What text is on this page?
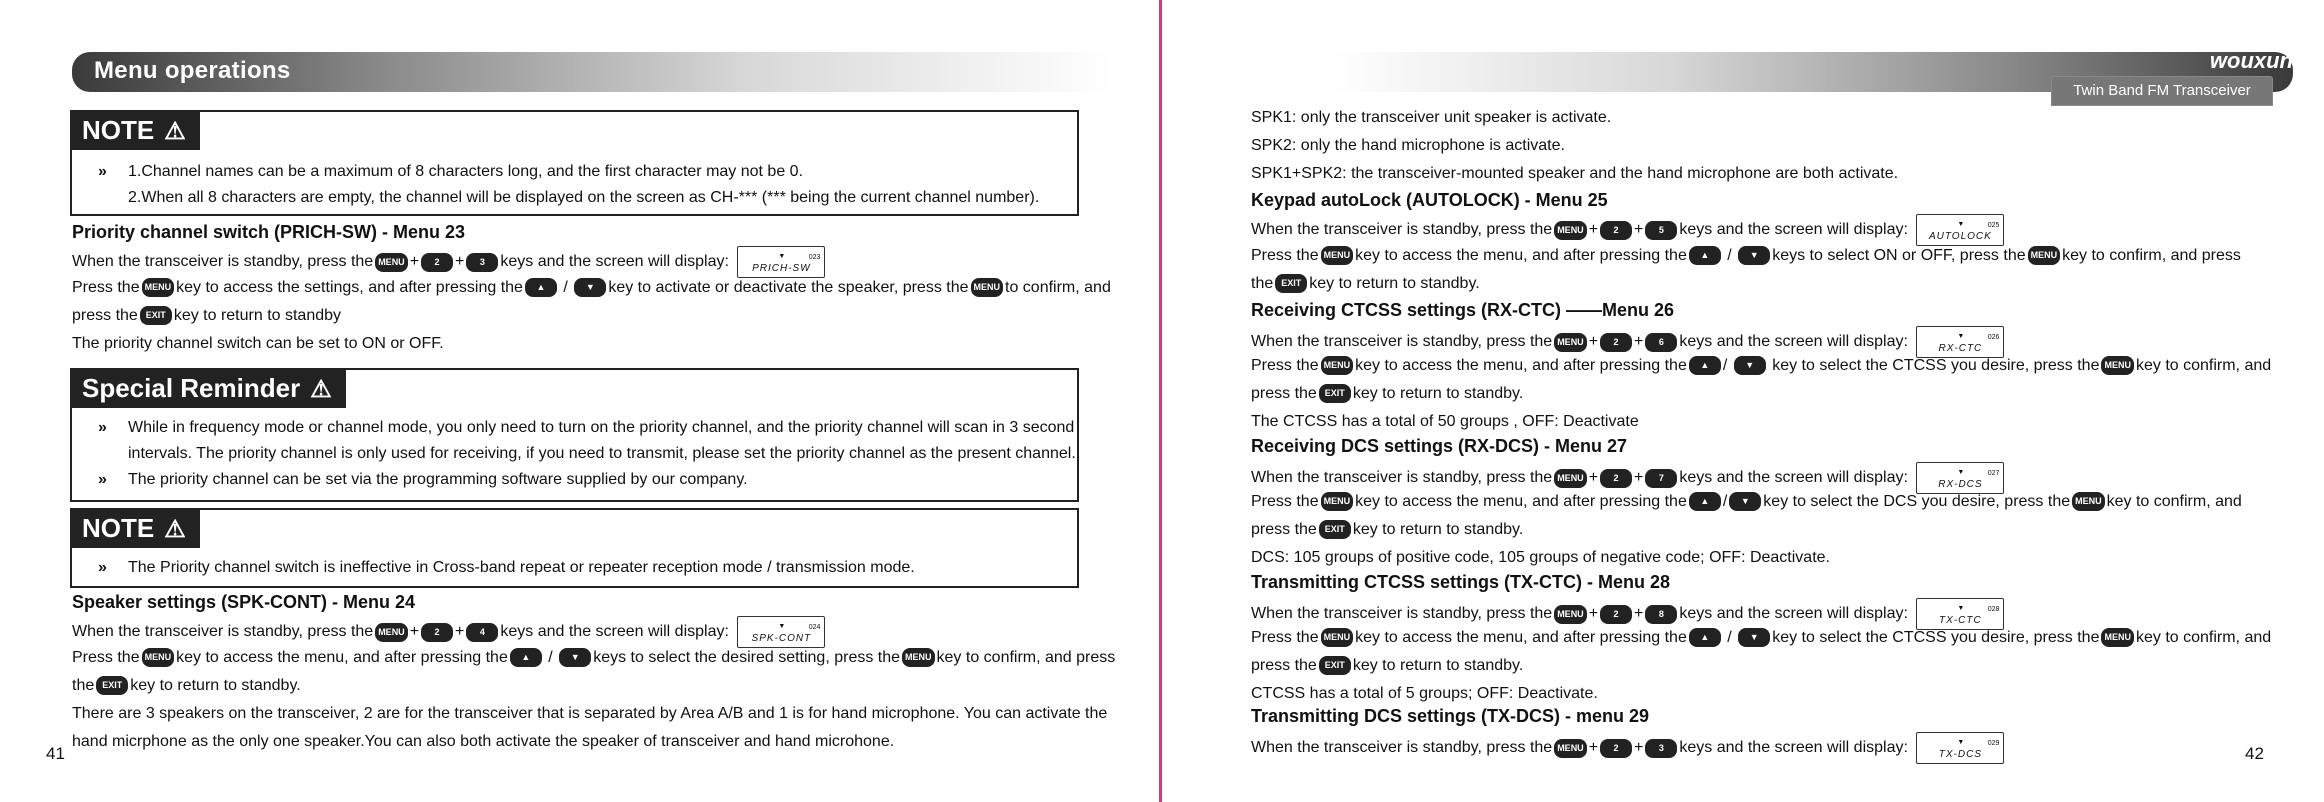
Menu operations
NOTE ⚠
» 1.Channel names can be a maximum of 8 characters long, and the first character may not be 0.
2.When all 8 characters are empty, the channel will be displayed on the screen as CH-*** (*** being the current channel number).
Priority channel switch (PRICH-SW) - Menu 23
When the transceiver is standby, press the MENU + 2 + 3 keys and the screen will display:	▼	023
PRICH-SW
Press the MENU key to access the settings, and after pressing the ▲ / ▼ key to activate or deactivate the speaker, press the MENU to confirm, and
press the EXIT key to return to standby
The priority channel switch can be set to ON or OFF.
Special Reminder ⚠
» While in frequency mode or channel mode, you only need to turn on the priority channel, and the priority channel will scan in 3 second
intervals. The priority channel is only used for receiving, if you need to transmit, please set the priority channel as the present channel.
» The priority channel can be set via the programming software supplied by our company.
NOTE ⚠
» The Priority channel switch is ineffective in Cross-band repeat or repeater reception mode / transmission mode.
Speaker settings (SPK-CONT) - Menu 24
When the transceiver is standby, press the MENU + 2 + 4 keys and the screen will display:	▼	024
SPK-CONT
Press the MENU key to access the menu, and after pressing the ▲ / ▼ keys to select the desired setting, press the MENU key to confirm, and press
the EXIT key to return to standby.
There are 3 speakers on the transceiver, 2 are for the transceiver that is separated by Area A/B and 1 is for hand microphone. You can activate the
hand micrphone as the only one speaker.You can also both activate the speaker of transceiver and hand microhone.
41
wouxun
Twin Band FM Transceiver
SPK1: only the transceiver unit speaker is activate.
SPK2: only the hand microphone is activate.
SPK1+SPK2: the transceiver-mounted speaker and the hand microphone are both activate.
Keypad autoLock (AUTOLOCK) - Menu 25
When the transceiver is standby, press the MENU + 2 + 5 keys and the screen will display:	▼	025
AUTOLOCK
Press the MENU key to access the menu, and after pressing the ▲ / ▼ keys to select ON or OFF, press the MENU key to confirm, and press
the EXIT key to return to standby.
Receiving CTCSS settings (RX-CTC) ——Menu 26
When the transceiver is standby, press the MENU + 2 + 6 keys and the screen will display:	▼	026
RX-CTC
Press the MENU key to access the menu, and after pressing the ▲ / ▼ key to select the CTCSS you desire, press the MENU key to confirm, and
press the EXIT key to return to standby.
The CTCSS has a total of 50 groups , OFF: Deactivate
Receiving DCS settings (RX-DCS) - Menu 27
When the transceiver is standby, press the MENU + 2 + 7 keys and the screen will display:	▼	027
RX-DCS
Press the MENU key to access the menu, and after pressing the ▲ / ▼ key to select the DCS you desire, press the MENU key to confirm, and
press the EXIT key to return to standby.
DCS: 105 groups of positive code, 105 groups of negative code; OFF: Deactivate.
Transmitting CTCSS settings (TX-CTC) - Menu 28
When the transceiver is standby, press the MENU + 2 + 8 keys and the screen will display:	▼	028
TX-CTC
Press the MENU key to access the menu, and after pressing the ▲ / ▼ key to select the CTCSS you desire, press the MENU key to confirm, and
press the EXIT key to return to standby.
CTCSS has a total of 5 groups; OFF: Deactivate.
Transmitting DCS settings (TX-DCS) - menu 29
When the transceiver is standby, press the MENU + 2 + 3 keys and the screen will display:	▼	029
TX-DCS	42
